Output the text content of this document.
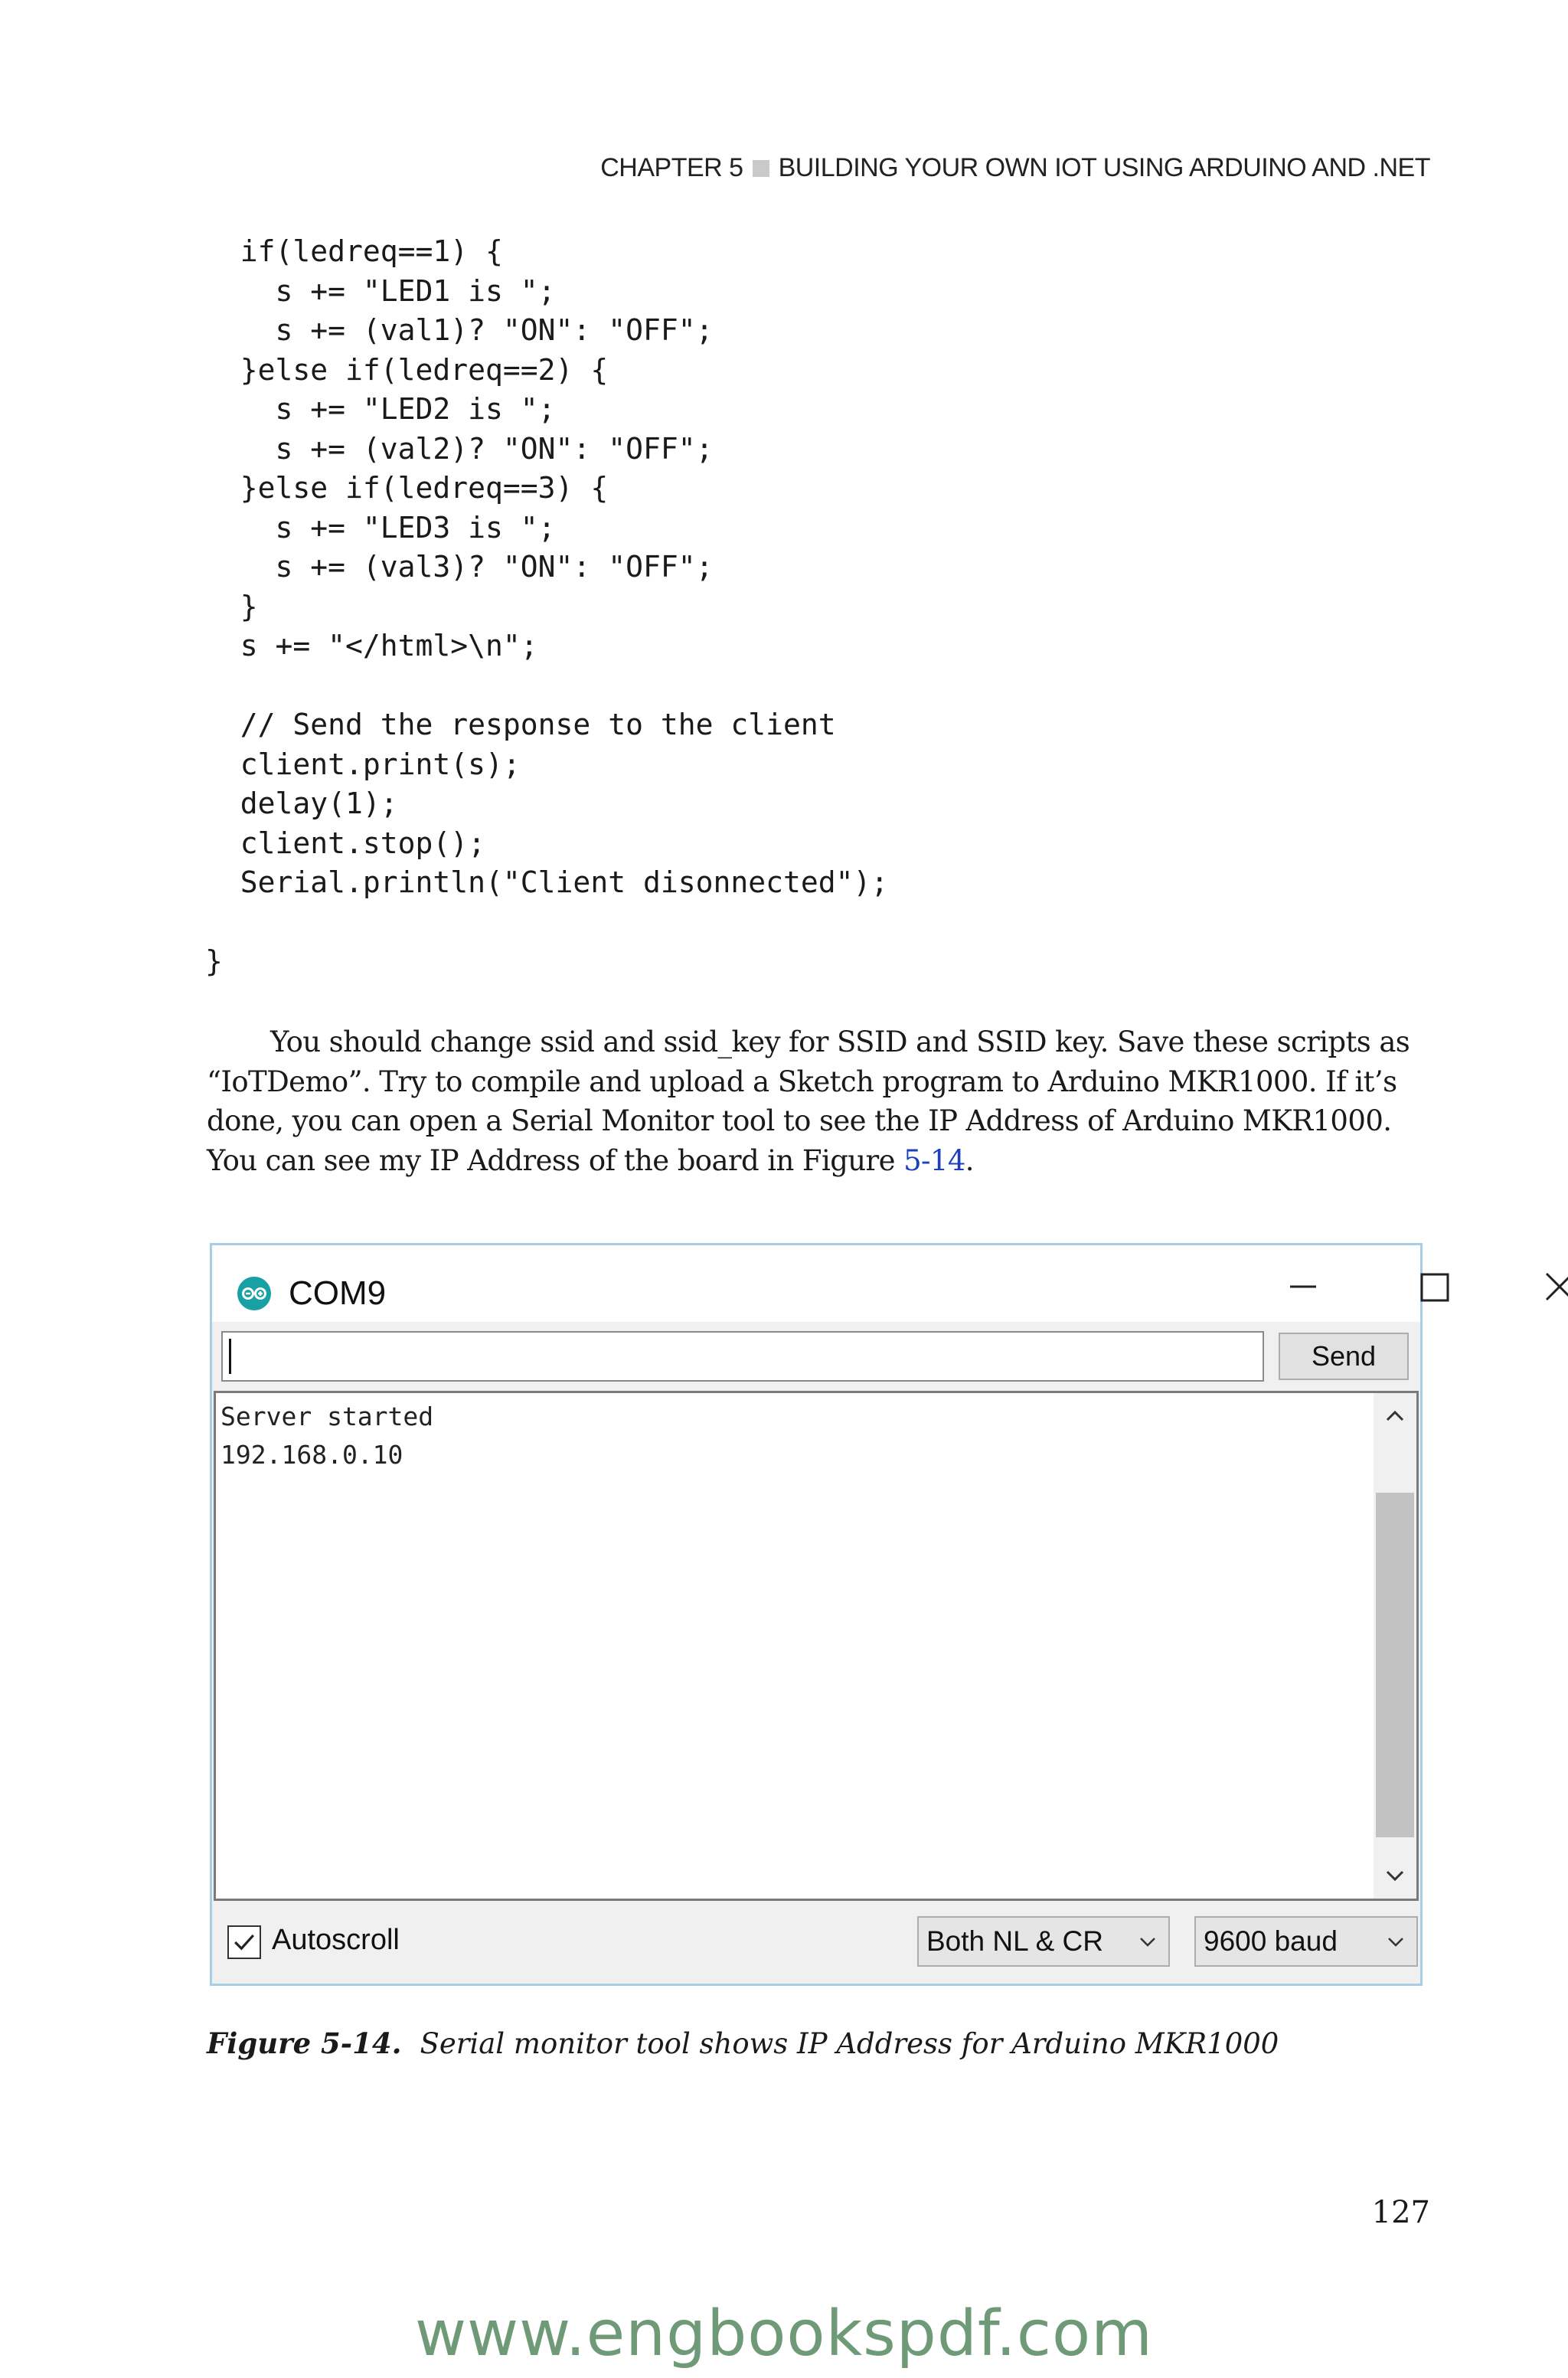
CHAPTER 5 BUILDING YOUR OWN IOT USING ARDUINO AND .NET
if(ledreq==1) {
s += "LED1 is ";
s += (val1)? "ON": "OFF";
}else if(ledreq==2) {
s += "LED2 is ";
s += (val2)? "ON": "OFF";
}else if(ledreq==3) {
s += "LED3 is ";
s += (val3)? "ON": "OFF";
}
s += "</html>\n";

// Send the response to the client
client.print(s);
delay(1);
client.stop();
Serial.println("Client disonnected");

}

You should change ssid and ssid_key for SSID and SSID key. Save these scripts as “IoTDemo”. Try to compile and upload a Sketch program to Arduino MKR1000. If it’s done, you can open a Serial Monitor tool to see the IP Address of Arduino MKR1000. You can see my IP Address of the board in Figure 5-14.

COM9
Send
Server started
192.168.0.10
Autoscroll	Both NL & CR	9600 baud
Figure 5-14. Serial monitor tool shows IP Address for Arduino MKR1000
127
www.engbookspdf.com
